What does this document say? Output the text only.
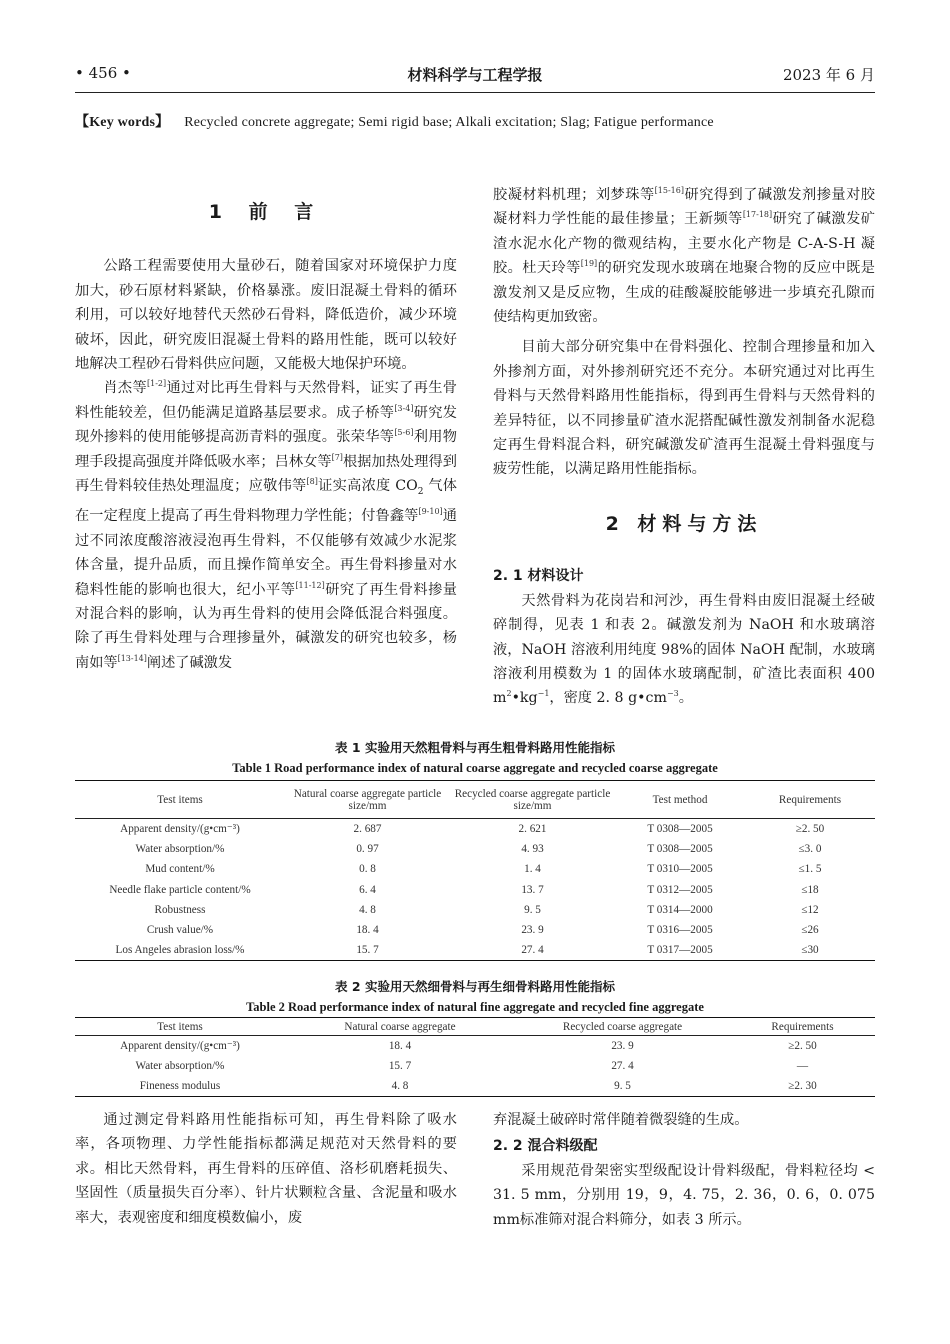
• 456 •	材料科学与工程学报	2023 年 6 月
【Key words】 Recycled concrete aggregate; Semi rigid base; Alkali excitation; Slag; Fatigue performance
1 前 言

公路工程需要使用大量砂石，随着国家对环境保护力度加大，砂石原材料紧缺，价格暴涨。废旧混凝土骨料的循环利用，可以较好地替代天然砂石骨料，降低造价，减少环境破坏，因此，研究废旧混凝土骨料的路用性能，既可以较好地解决工程砂石骨料供应问题，又能极大地保护环境。

肖杰等[1-2]通过对比再生骨料与天然骨料，证实了再生骨料性能较差，但仍能满足道路基层要求。成子桥等[3-4]研究发现外掺料的使用能够提高沥青料的强度。张荣华等[5-6]利用物理手段提高强度并降低吸水率；吕林女等[7]根据加热处理得到再生骨料较佳热处理温度；应敬伟等[8]证实高浓度 $CO_2$ 气体在一定程度上提高了再生骨料物理力学性能；付鲁鑫等[9-10]通过不同浓度酸溶液浸泡再生骨料，不仅能够有效减少水泥浆体含量，提升品质，而且操作简单安全。再生骨料掺量对水稳料性能的影响也很大，纪小平等[11-12]研究了再生骨料掺量对混合料的影响，认为再生骨料的使用会降低混合料强度。除了再生骨料处理与合理掺量外，碱激发的研究也较多，杨南如等[13-14]阐述了碱激发

胶凝材料机理；刘梦珠等[15-16]研究得到了碱激发剂掺量对胶凝材料力学性能的最佳掺量；王新频等[17-18]研究了碱激发矿渣水泥水化产物的微观结构，主要水化产物是 C-A-S-H 凝胶。杜天玲等[19]的研究发现水玻璃在地聚合物的反应中既是激发剂又是反应物，生成的硅酸凝胶能够进一步填充孔隙而使结构更加致密。

目前大部分研究集中在骨料强化、控制合理掺量和加入外掺剂方面，对外掺剂研究还不充分。本研究通过对比再生骨料与天然骨料路用性能指标，得到再生骨料与天然骨料的差异特征，以不同掺量矿渣水泥搭配碱性激发剂制备水泥稳定再生骨料混合料，研究碱激发矿渣再生混凝土骨料强度与疲劳性能，以满足路用性能指标。

2 材料与方法
2. 1 材料设计

天然骨料为花岗岩和河沙，再生骨料由废旧混凝土经破碎制得，见表 1 和表 2。碱激发剂为 NaOH 和水玻璃溶液，NaOH 溶液利用纯度 98%的固体 NaOH 配制，水玻璃溶液利用模数为 1 的固体水玻璃配制，矿渣比表面积 400 $m^2•kg^{-1}$，密度 2. 8 $g•cm^{-3}$。

表 1 实验用天然粗骨料与再生粗骨料路用性能指标
Table 1 Road performance index of natural coarse aggregate and recycled coarse aggregate
Test items	Natural coarse aggregate particle size/mm	Recycled coarse aggregate particle size/mm	Test method	Requirements
Apparent density/(g•cm⁻³)	2. 687	2. 621	T 0308—2005	≥2. 50
Water absorption/%	0. 97	4. 93	T 0308—2005	≤3. 0
Mud content/%	0. 8	1. 4	T 0310—2005	≤1. 5
Needle flake particle content/%	6. 4	13. 7	T 0312—2005	≤18
Robustness	4. 8	9. 5	T 0314—2000	≤12
Crush value/%	18. 4	23. 9	T 0316—2005	≤26
Los Angeles abrasion loss/%	15. 7	27. 4	T 0317—2005	≤30
表 2 实验用天然细骨料与再生细骨料路用性能指标
Table 2 Road performance index of natural fine aggregate and recycled fine aggregate
Test items	Natural coarse aggregate	Recycled coarse aggregate	Requirements
Apparent density/(g•cm⁻³)	18. 4	23. 9	≥2. 50
Water absorption/%	15. 7	27. 4	—
Fineness modulus	4. 8	9. 5	≥2. 30

通过测定骨料路用性能指标可知，再生骨料除了吸水率，各项物理、力学性能指标都满足规范对天然骨料的要求。相比天然骨料，再生骨料的压碎值、洛杉矶磨耗损失、坚固性（质量损失百分率）、针片状颗粒含量、含泥量和吸水率大，表观密度和细度模数偏小，废

弃混凝土破碎时常伴随着微裂缝的生成。

2. 2 混合料级配

采用规范骨架密实型级配设计骨料级配，骨料粒径均 < 31. 5 mm，分别用 19，9，4. 75，2. 36，0. 6，0. 075 mm标准筛对混合料筛分，如表 3 所示。
